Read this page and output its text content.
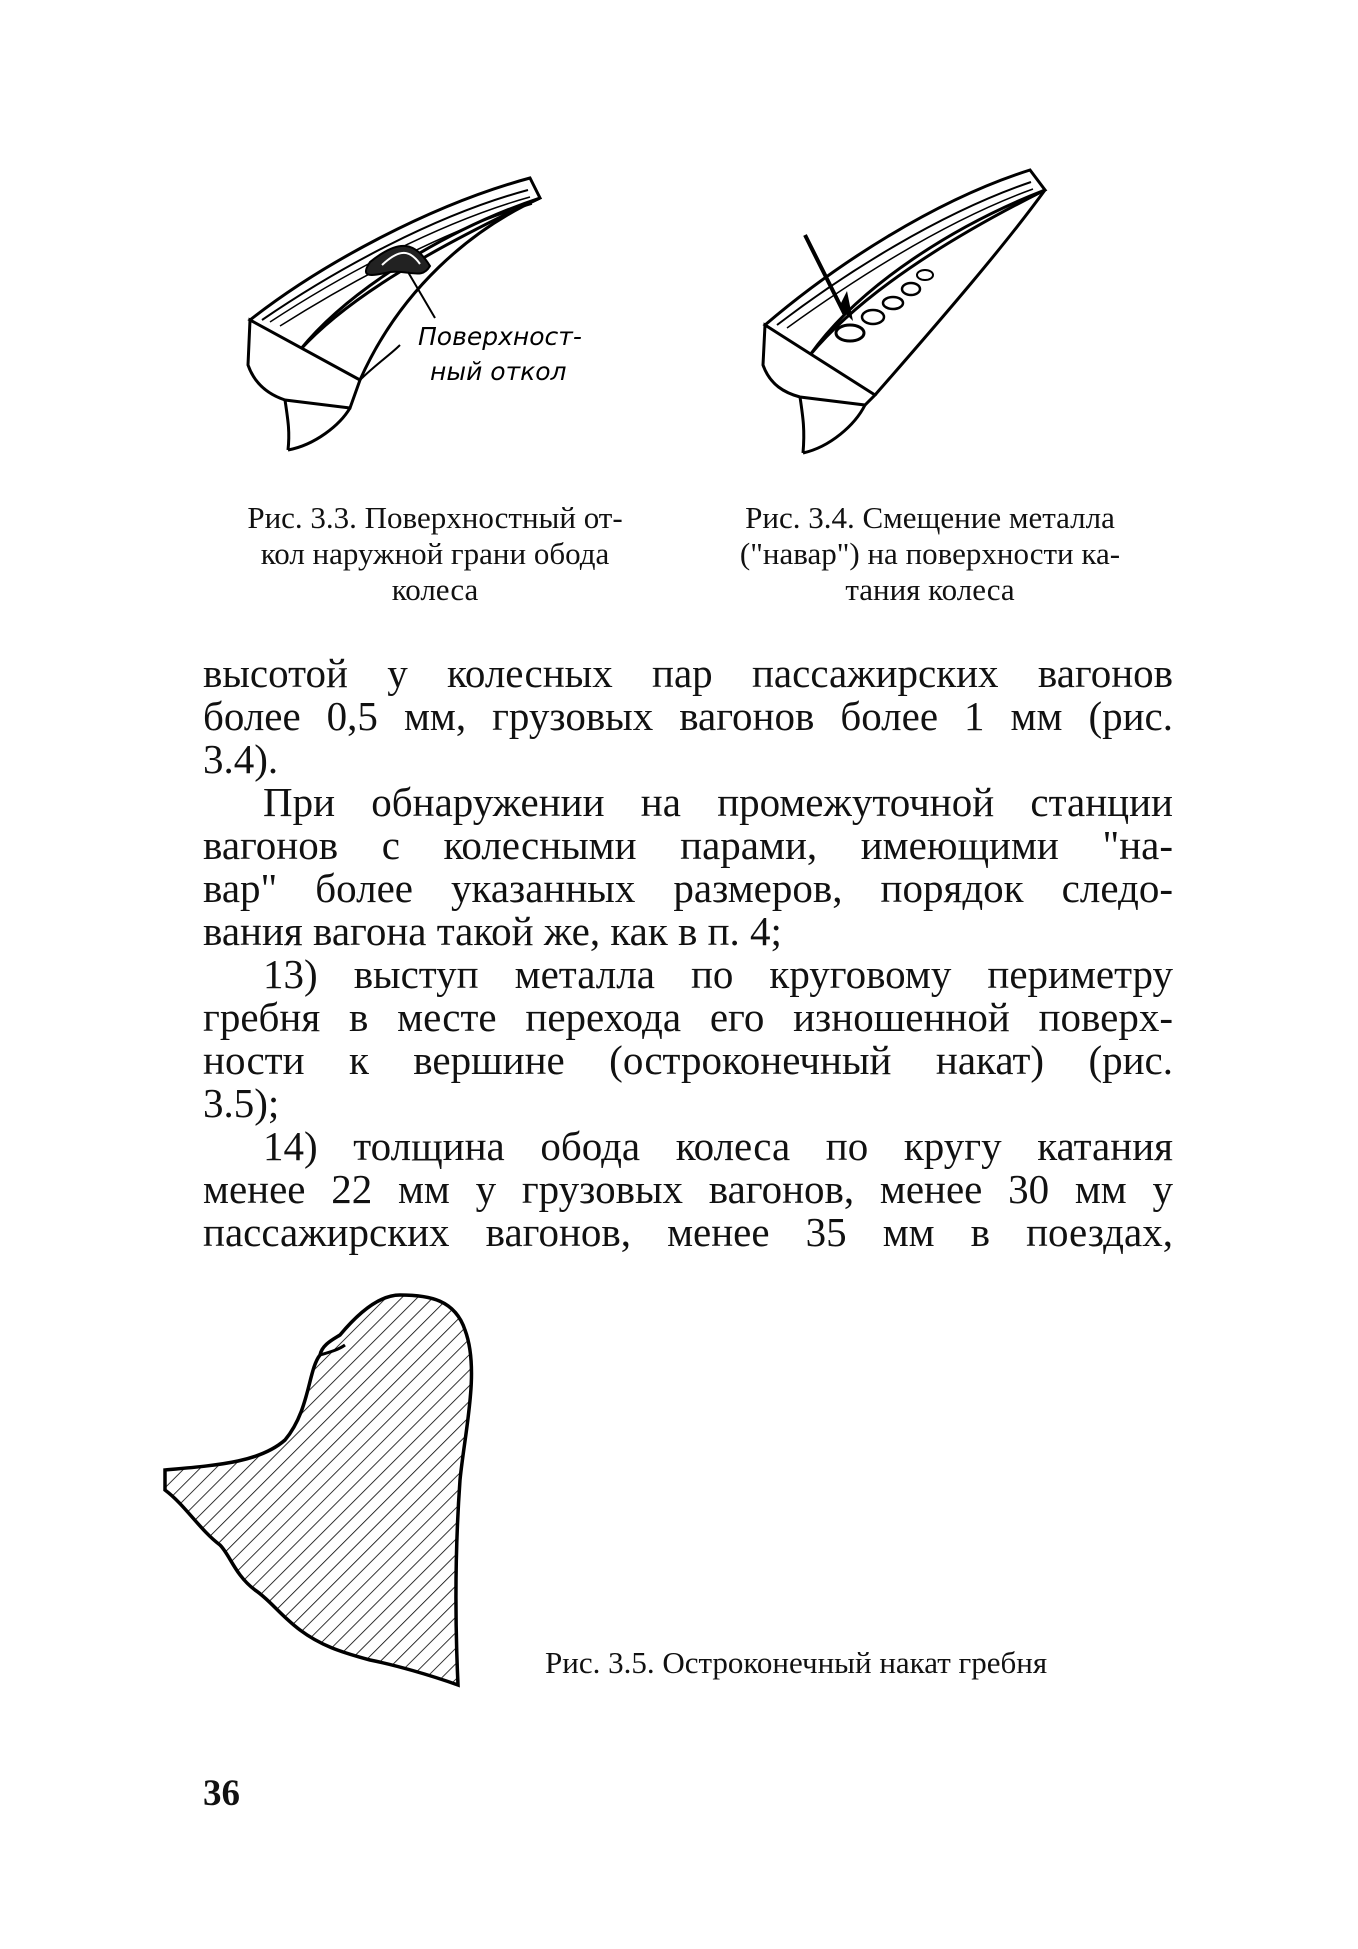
Поверхност-
ный откол
Рис. 3.3. Поверхностный от-
кол наружной грани обода
колеса
Рис. 3.4. Смещение металла
("навар") на поверхности ка-
тания колеса
высотой у колесных пар пассажирских вагонов
более 0,5 мм, грузовых вагонов более 1 мм (рис.
3.4).
При обнаружении на промежуточной станции
вагонов с колесными парами, имеющими "на-
вар" более указанных размеров, порядок следо-
вания вагона такой же, как в п. 4;
13) выступ металла по круговому периметру
гребня в месте перехода его изношенной поверх-
ности к вершине (остроконечный накат) (рис.
3.5);
14) толщина обода колеса по кругу катания
менее 22 мм у грузовых вагонов, менее 30 мм у
пассажирских вагонов, менее 35 мм в поездах,
Рис. 3.5. Остроконечный накат гребня
36
